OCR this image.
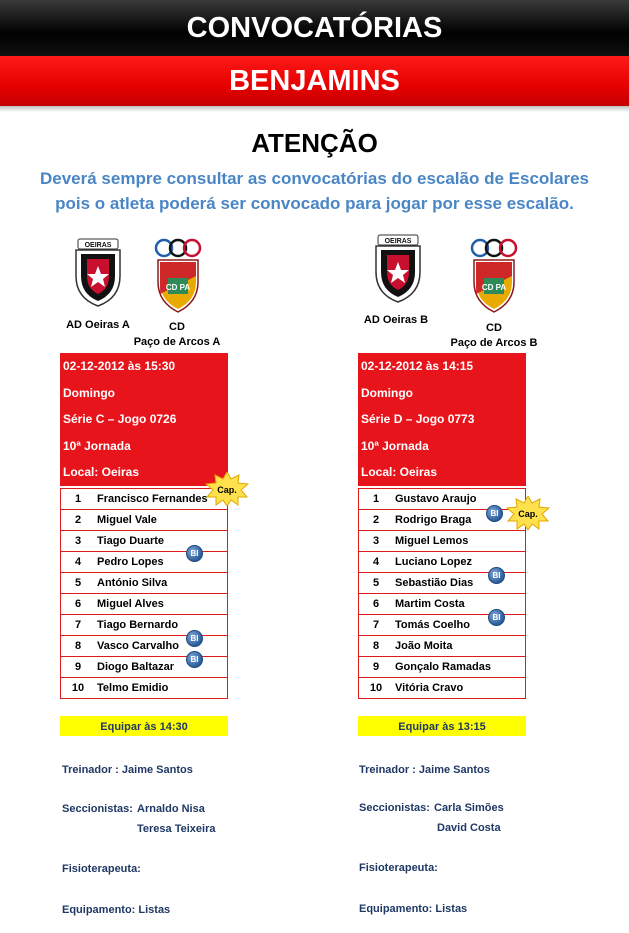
CONVOCATÓRIAS
BENJAMINS
ATENÇÃO
Deverá sempre consultar as convocatórias do escalão de Escolares
pois o atleta poderá ser convocado para jogar por esse escalão.
OEIRAS
CD PA
AD Oeiras A	CD
Paço de Arcos A
02-12-2012 às 15:30
Domingo
Série C – Jogo 0726
10ª Jornada
Local: Oeiras
1	Francisco Fernandes
2	Miguel Vale
3	Tiago Duarte
4	Pedro Lopes
5	António Silva
6	Miguel Alves
7	Tiago Bernardo
8	Vasco Carvalho
9	Diogo Baltazar
10	Telmo Emidio
Cap.
BI
BI
BI
Equipar às 14:30
Treinador : Jaime Santos
Seccionistas: Arnaldo Nisa
Teresa Teixeira
Fisioterapeuta:
Equipamento: Listas
OEIRAS
CD PA
AD Oeiras B
CD
Paço de Arcos B
02-12-2012 às 14:15
Domingo
Série D – Jogo 0773
10ª Jornada
Local: Oeiras
1	Gustavo Araujo
2	Rodrigo Braga
3	Miguel Lemos
4	Luciano Lopez
5	Sebastião Dias
6	Martim Costa
7	Tomás Coelho
8	João Moita
9	Gonçalo Ramadas
10	Vitória Cravo
BI	Cap.
BI
BI
Equipar às 13:15
Treinador : Jaime Santos
Seccionistas: Carla Simões
David Costa
Fisioterapeuta:
Equipamento: Listas
